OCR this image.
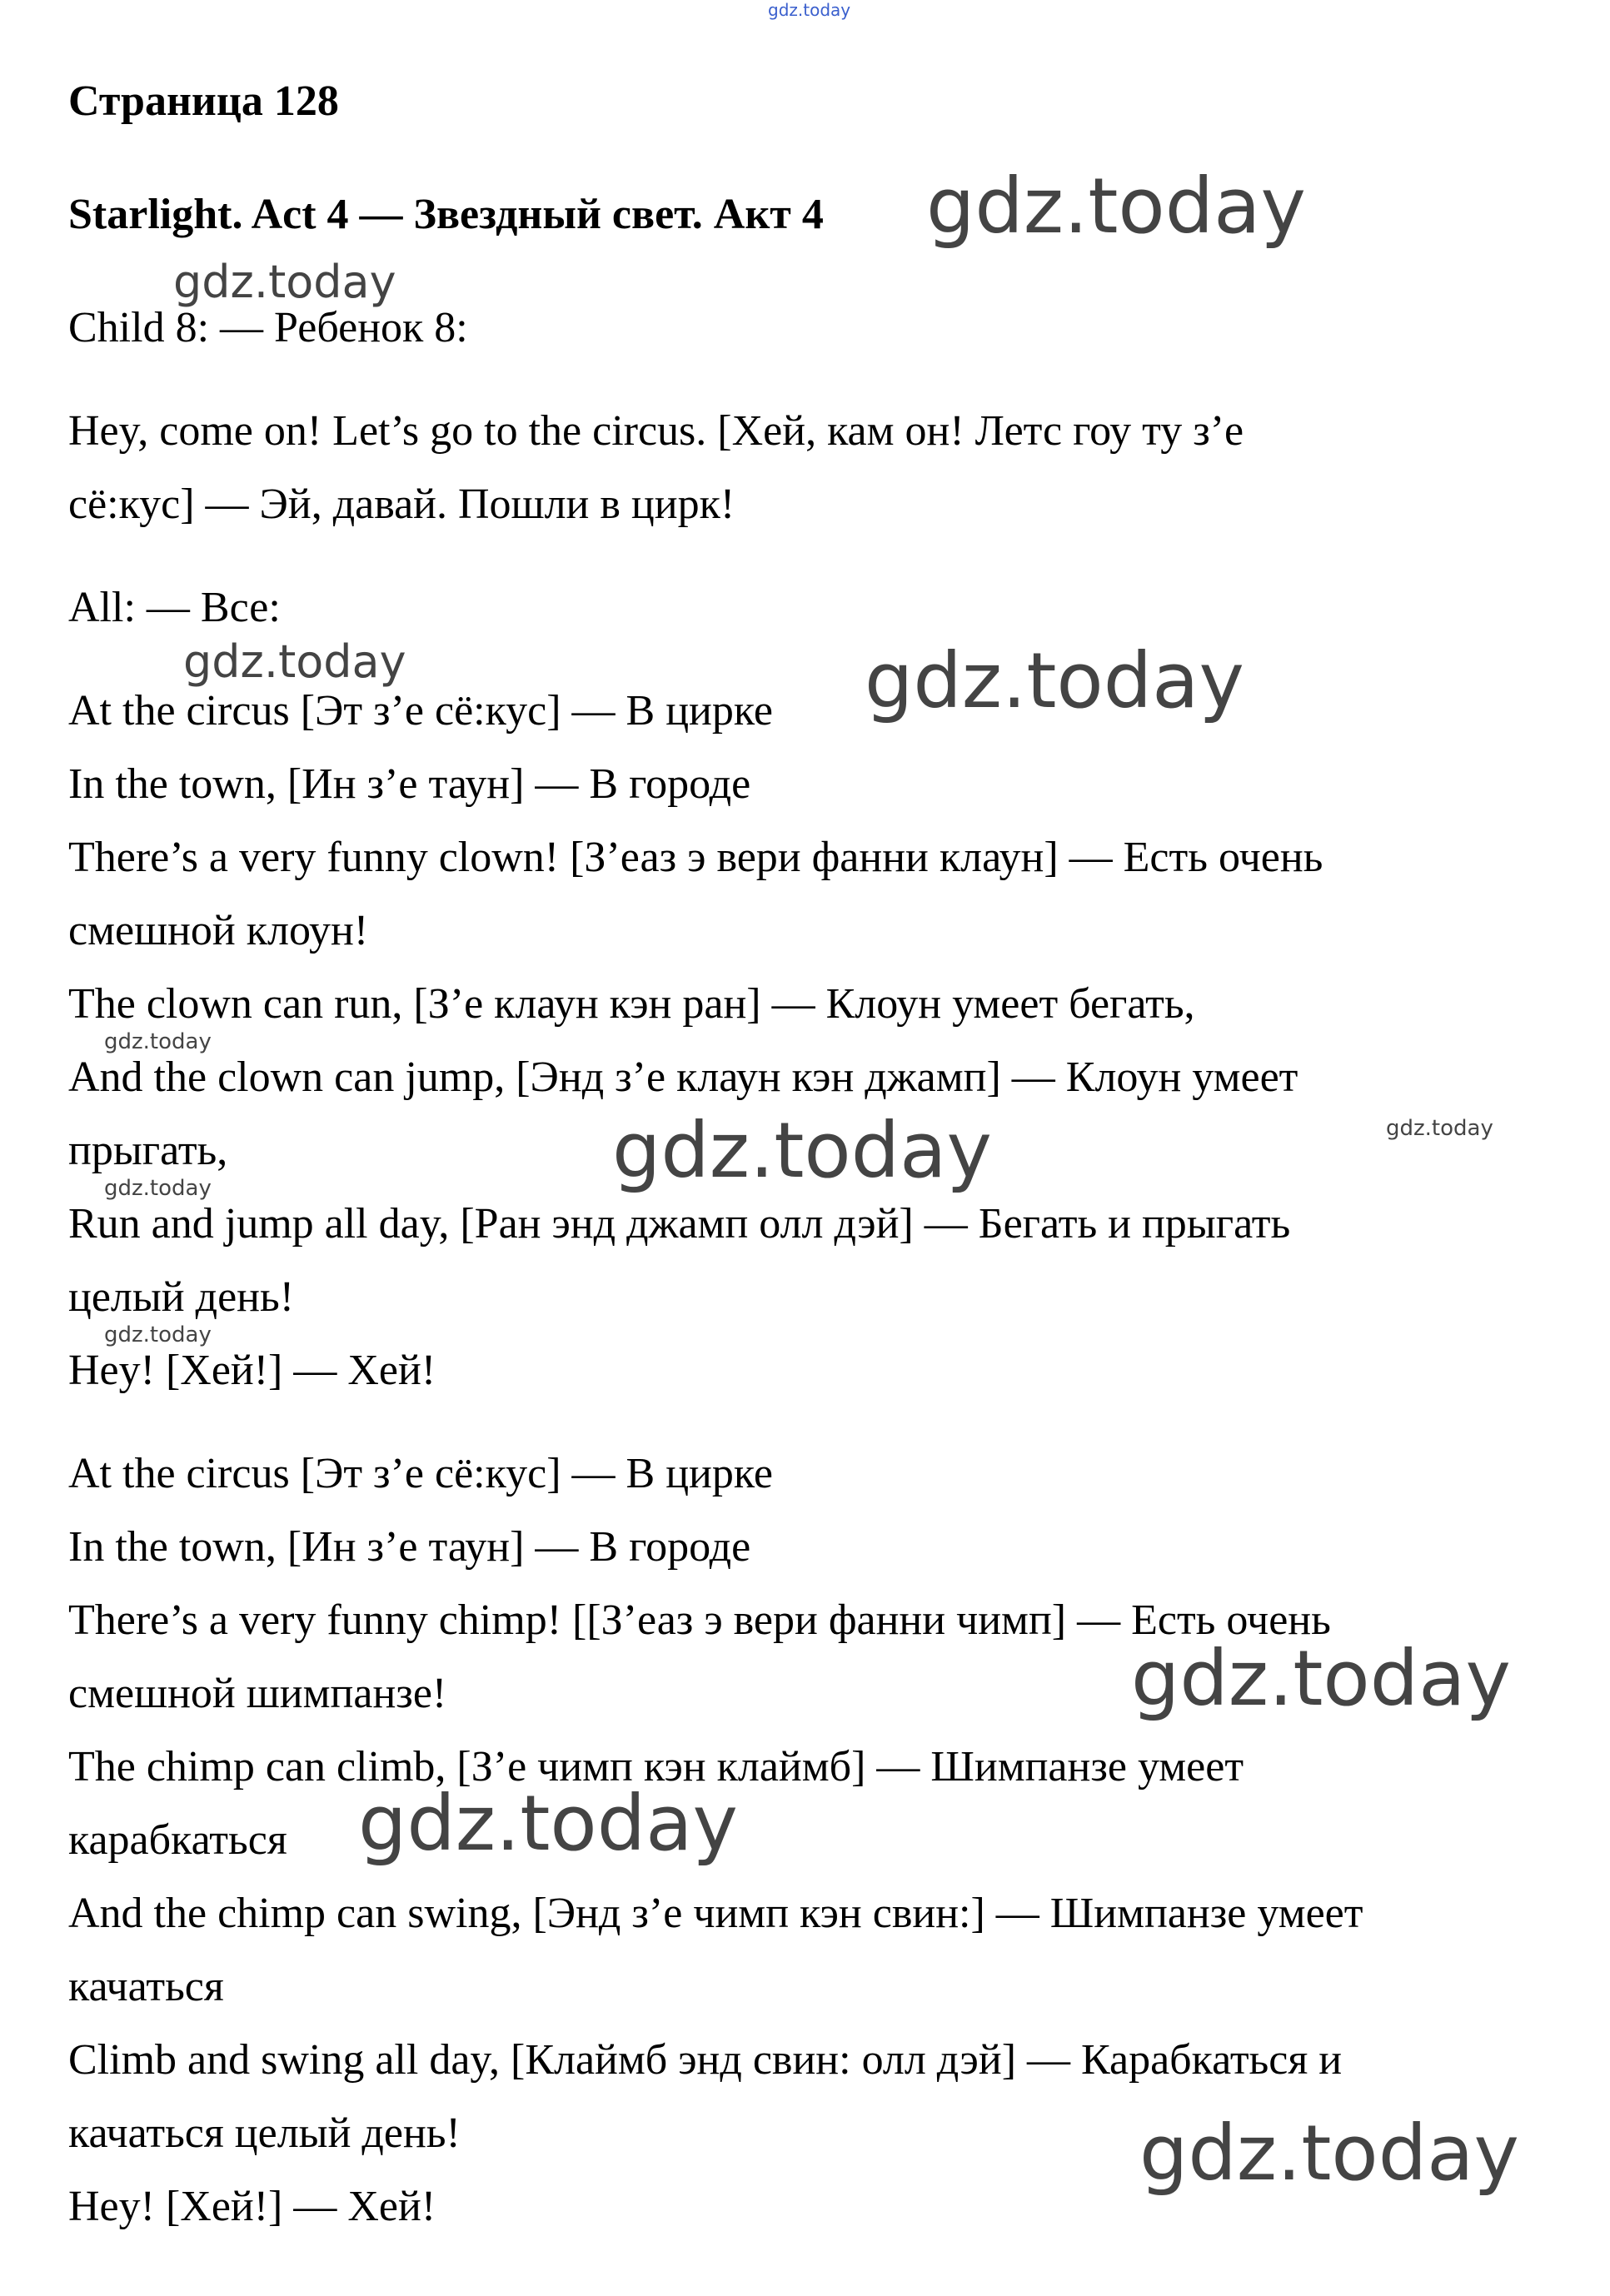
gdz.today
Страница 128
Starlight. Act 4 — Звездный свет. Акт 4
Child 8: — Ребенок 8:
Hey, come on! Let’s go to the circus. [Хей, кам он! Летс гоу ту з’е
сё:кус] — Эй, давай. Пошли в цирк!
All: — Все:
At the circus [Эт з’е сё:кус] — В цирке
In the town, [Ин з’е таун] — В городе
There’s a very funny clown! [З’еаз э вери фанни клаун] — Есть очень
смешной клоун!
The clown can run, [З’е клаун кэн ран] — Клоун умеет бегать,
And the clown can jump, [Энд з’е клаун кэн джамп] — Клоун умеет
прыгать,
Run and jump all day, [Ран энд джамп олл дэй] — Бегать и прыгать
целый день!
Hey! [Хей!] — Хей!
At the circus [Эт з’е сё:кус] — В цирке
In the town, [Ин з’е таун] — В городе
There’s a very funny chimp! [[З’еаз э вери фанни чимп] — Есть очень
смешной шимпанзе!
The chimp can climb, [З’е чимп кэн клаймб] — Шимпанзе умеет
карабкаться
And the chimp can swing, [Энд з’е чимп кэн свин:] — Шимпанзе умеет
качаться
Climb and swing all day, [Клаймб энд свин: олл дэй] — Карабкаться и
качаться целый день!
Hey! [Хей!] — Хей!
gdz.today
gdz.today
gdz.today	gdz.today
gdz.today
gdz.today
gdz.today
gdz.today
gdz.today
gdz.today
gdz.today
gdz.today
